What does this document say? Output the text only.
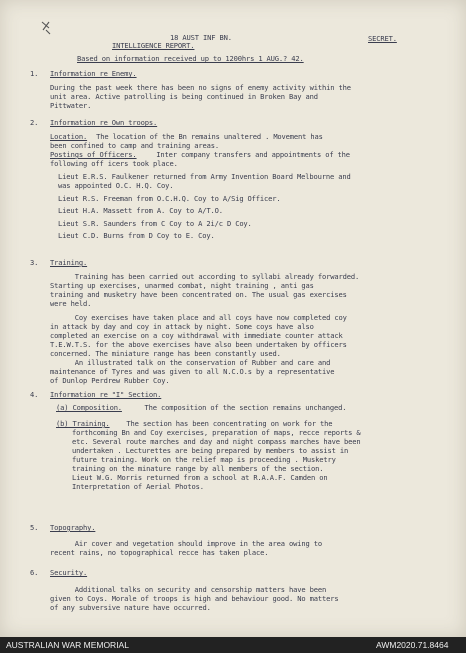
18 AUST INF BN.
INTELLIGENCE REPORT.
SECRET.
Based on information received up to 1200hrs 1 AUG.? 42.
1. Information re Enemy.
During the past week there has been no signs of enemy activity within the
unit area. Active patrolling is being continued in Broken Bay and
Pittwater.
2. Information re Own troops.
Location. The location of the Bn remains unaltered . Movement has
been confined to camp and training areas.
Postings of Officers. Inter company transfers and appointments of the
following off icers took place.
Lieut E.R.S. Faulkener returned from Army Invention Board Melbourne and
was appointed O.C. H.Q. Coy.
Lieut R.S. Freeman from O.C.H.Q. Coy to A/Sig Officer.
Lieut H.A. Massett from A. Coy to A/T.O.
Lieut S.R. Saunders from C Coy to A 2i/c D Coy.
Lieut C.D. Burns from D Coy to E. Coy.
3. Training.
Training has been carried out according to syllabi already forwarded.
Starting up exercises, unarmed combat, night training , anti gas
training and musketry have been concentrated on. The usual gas exercises
were held.
Coy exercises have taken place and all coys have now completed coy
in attack by day and coy in attack by night. Some coys have also
completed an exercise on a coy withdrawal with immediate counter attack
T.E.W.T.S. for the above exercises have also been undertaken by officers
concerned. The miniature range has been constantly used.
An illustrated talk on the conservation of Rubber and care and
maintenance of Tyres and was given to all N.C.O.s by a representative
of Dunlop Perdrew Rubber Coy.
4. Information re "I" Section.
(a) Composition. The composition of the section remains unchanged.
(b) Training. The section has been concentrating on work for the
forthcoming Bn and Coy exercises, preparation of maps, recce reports &
etc. Several route marches and day and night compass marches have been
undertaken . Lecturettes are being prepared by members to assist in
future training. Work on the relief map is proceeding . Musketry
training on the minature range by all members of the section.
Lieut W.G. Morris returned from a school at R.A.A.F. Camden on
Interpretation of Aerial Photos.
5. Topography.
Air cover and vegetation should improve in the area owing to
recent rains, no topographical recce has taken place.
6. Security.
Additional talks on security and censorship matters have been
given to Coys. Morale of troops is high and behaviour good. No matters
of any subversive nature have occurred.
AUSTRALIAN WAR MEMORIAL	AWM2020.71.8464
